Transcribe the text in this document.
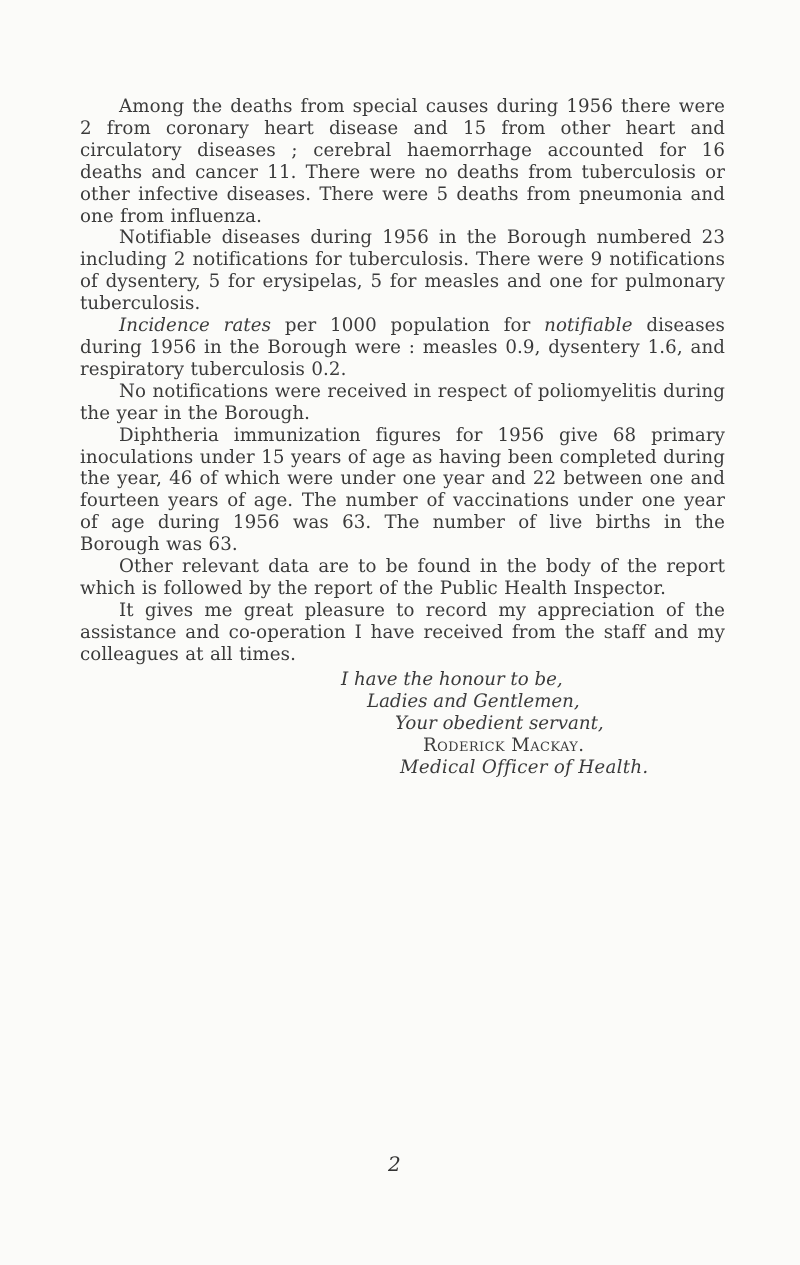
Among the deaths from special causes during 1956 there were 2 from coronary heart disease and 15 from other heart and circulatory diseases ; cerebral haemorrhage accounted for 16 deaths and cancer 11. There were no deaths from tuberculosis or other infective diseases. There were 5 deaths from pneumonia and one from influenza.

Notifiable diseases during 1956 in the Borough numbered 23 including 2 notifications for tuberculosis. There were 9 notifications of dysentery, 5 for erysipelas, 5 for measles and one for pulmonary tuberculosis.

Incidence rates per 1000 population for notifiable diseases during 1956 in the Borough were : measles 0.9, dysentery 1.6, and respiratory tuberculosis 0.2.

No notifications were received in respect of poliomyelitis during the year in the Borough.

Diphtheria immunization figures for 1956 give 68 primary inoculations under 15 years of age as having been completed during the year, 46 of which were under one year and 22 between one and fourteen years of age. The number of vaccinations under one year of age during 1956 was 63. The number of live births in the Borough was 63.

Other relevant data are to be found in the body of the report which is followed by the report of the Public Health Inspector.

It gives me great pleasure to record my appreciation of the assistance and co-operation I have received from the staff and my colleagues at all times.

I have the honour to be,
Ladies and Gentlemen,
Your obedient servant,
Roderick Mackay.
Medical Officer of Health.
2
